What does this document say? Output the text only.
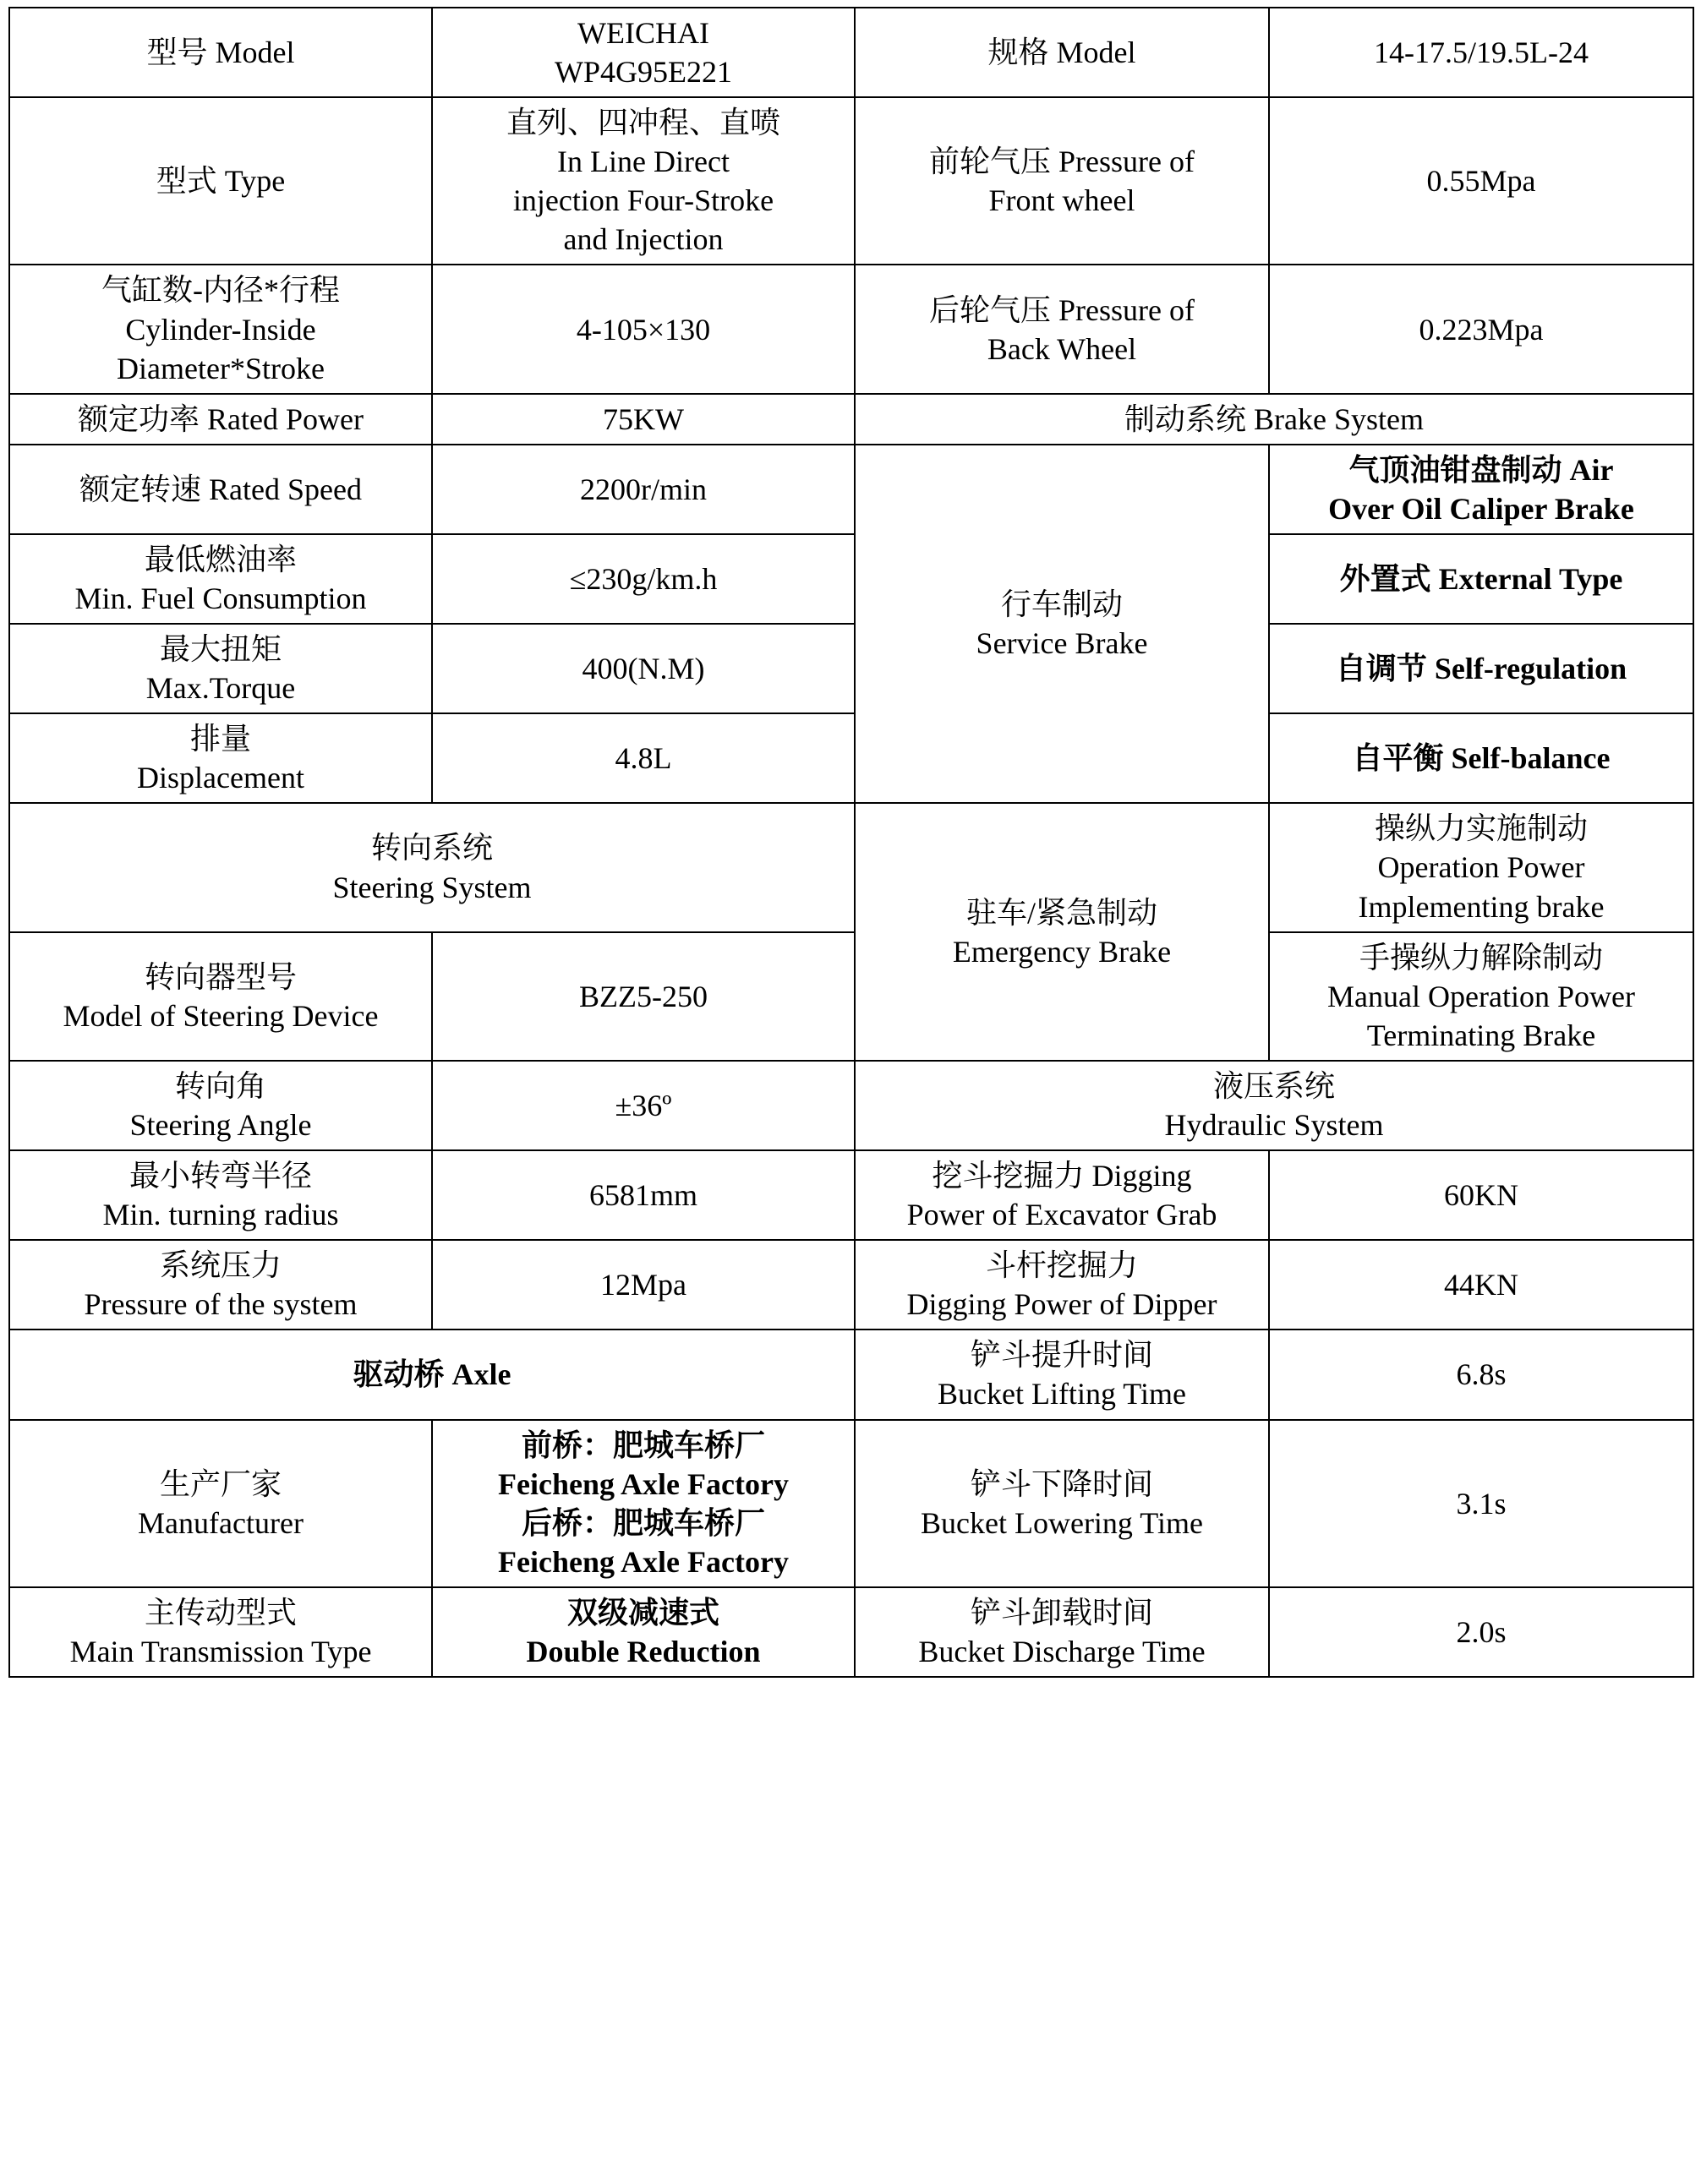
型号 Model	WEICHAI
WP4G95E221	规格 Model	14-17.5/19.5L-24

型式 Type	直列、四冲程、直喷
In Line Direct
injection Four-Stroke
and Injection	前轮气压 Pressure of
Front wheel	0.55Mpa

气缸数-内径*行程
Cylinder-Inside
Diameter*Stroke	4-105×130	后轮气压 Pressure of
Back Wheel	0.223Mpa

额定功率 Rated Power	75KW	制动系统 Brake System	

额定转速 Rated Speed	2200r/min	行车制动
Service Brake	气顶油钳盘制动 Air
Over Oil Caliper Brake

最低燃油率
Min. Fuel Consumption	≤230g/km.h		外置式 External Type

最大扭矩
Max.Torque	400(N.M)		自调节 Self-regulation

排量
Displacement	4.8L		自平衡 Self-balance

转向系统
Steering System		驻车/紧急制动
Emergency Brake	操纵力实施制动
Operation Power
Implementing brake

转向器型号
Model of Steering Device	BZZ5-250		手操纵力解除制动
Manual Operation Power
Terminating Brake

转向角
Steering Angle	±36º	液压系统
Hydraulic System	

最小转弯半径
Min. turning radius	6581mm	挖斗挖掘力 Digging
Power of Excavator Grab	60KN

系统压力
Pressure of the system	12Mpa	斗杆挖掘力
Digging Power of Dipper	44KN

驱动桥 Axle		铲斗提升时间
Bucket Lifting Time	6.8s

生产厂家
Manufacturer	前桥：肥城车桥厂
Feicheng Axle Factory
后桥：肥城车桥厂
Feicheng Axle Factory	铲斗下降时间
Bucket Lowering Time	3.1s

主传动型式
Main Transmission Type	双级减速式
Double Reduction	铲斗卸载时间
Bucket Discharge Time	2.0s
